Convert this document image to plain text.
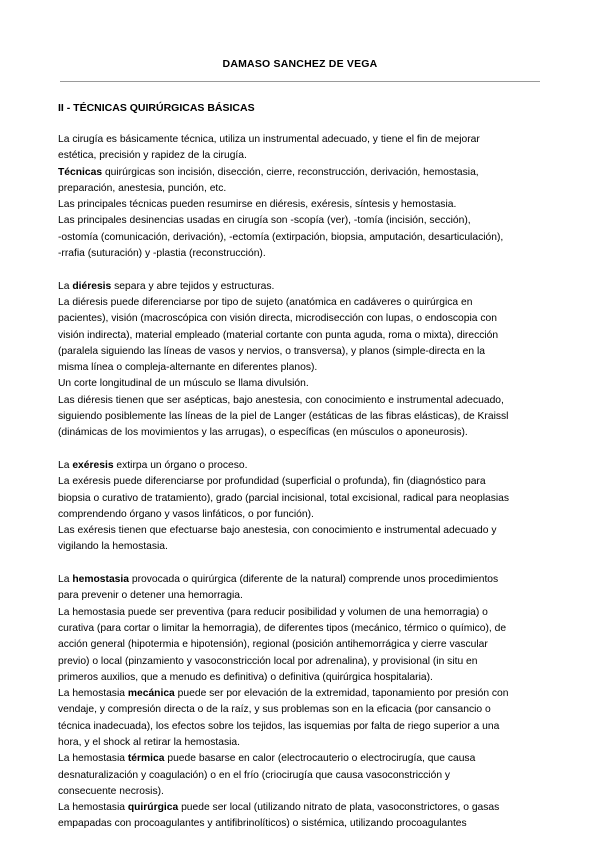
DAMASO SANCHEZ DE VEGA
II - TÉCNICAS QUIRÚRGICAS BÁSICAS
La cirugía es básicamente técnica, utiliza un instrumental adecuado, y tiene el fin de mejorar
estética, precisión y rapidez de la cirugía.
Técnicas quirúrgicas son incisión, disección, cierre, reconstrucción, derivación, hemostasia,
preparación, anestesia, punción, etc.
Las principales técnicas pueden resumirse en diéresis, exéresis, síntesis y hemostasia.
Las principales desinencias usadas en cirugía son -scopía (ver), -tomía (incisión, sección),
-ostomía (comunicación, derivación), -ectomía (extirpación, biopsia, amputación, desarticulación),
-rrafia (suturación) y -plastia (reconstrucción).
La diéresis separa y abre tejidos y estructuras.
La diéresis puede diferenciarse por tipo de sujeto (anatómica en cadáveres o quirúrgica en
pacientes), visión (macroscópica con visión directa, microdisección con lupas, o endoscopia con
visión indirecta), material empleado (material cortante con punta aguda, roma o mixta), dirección
(paralela siguiendo las líneas de vasos y nervios, o transversa), y planos (simple-directa en la
misma línea o compleja-alternante en diferentes planos).
Un corte longitudinal de un músculo se llama divulsión.
Las diéresis tienen que ser asépticas, bajo anestesia, con conocimiento e instrumental adecuado,
siguiendo posiblemente las líneas de la piel de Langer (estáticas de las fibras elásticas), de Kraissl
(dinámicas de los movimientos y las arrugas), o específicas (en músculos o aponeurosis).
La exéresis extirpa un órgano o proceso.
La exéresis puede diferenciarse por profundidad (superficial o profunda), fin (diagnóstico para
biopsia o curativo de tratamiento), grado (parcial incisional, total excisional, radical para neoplasias
comprendendo órgano y vasos linfáticos, o por función).
Las exéresis tienen que efectuarse bajo anestesia, con conocimiento e instrumental adecuado y
vigilando la hemostasia.
La hemostasia provocada o quirúrgica (diferente de la natural) comprende unos procedimientos
para prevenir o detener una hemorragia.
La hemostasia puede ser preventiva (para reducir posibilidad y volumen de una hemorragia) o
curativa (para cortar o limitar la hemorragia), de diferentes tipos (mecánico, térmico o químico), de
acción general (hipotermia e hipotensión), regional (posición antihemorrágica y cierre vascular
previo) o local (pinzamiento y vasoconstricción local por adrenalina), y provisional (in situ en
primeros auxilios, que a menudo es definitiva) o definitiva (quirúrgica hospitalaria).
La hemostasia mecánica puede ser por elevación de la extremidad, taponamiento por presión con
vendaje, y compresión directa o de la raíz, y sus problemas son en la eficacia (por cansancio o
técnica inadecuada), los efectos sobre los tejidos, las isquemias por falta de riego superior a una
hora, y el shock al retirar la hemostasia.
La hemostasia térmica puede basarse en calor (electrocauterio o electrocirugía, que causa
desnaturalización y coagulación) o en el frío (criocirugía que causa vasoconstricción y
consecuente necrosis).
La hemostasia quirúrgica puede ser local (utilizando nitrato de plata, vasoconstrictores, o gasas
empapadas con procoagulantes y antifibrinolíticos) o sistémica, utilizando procoagulantes
